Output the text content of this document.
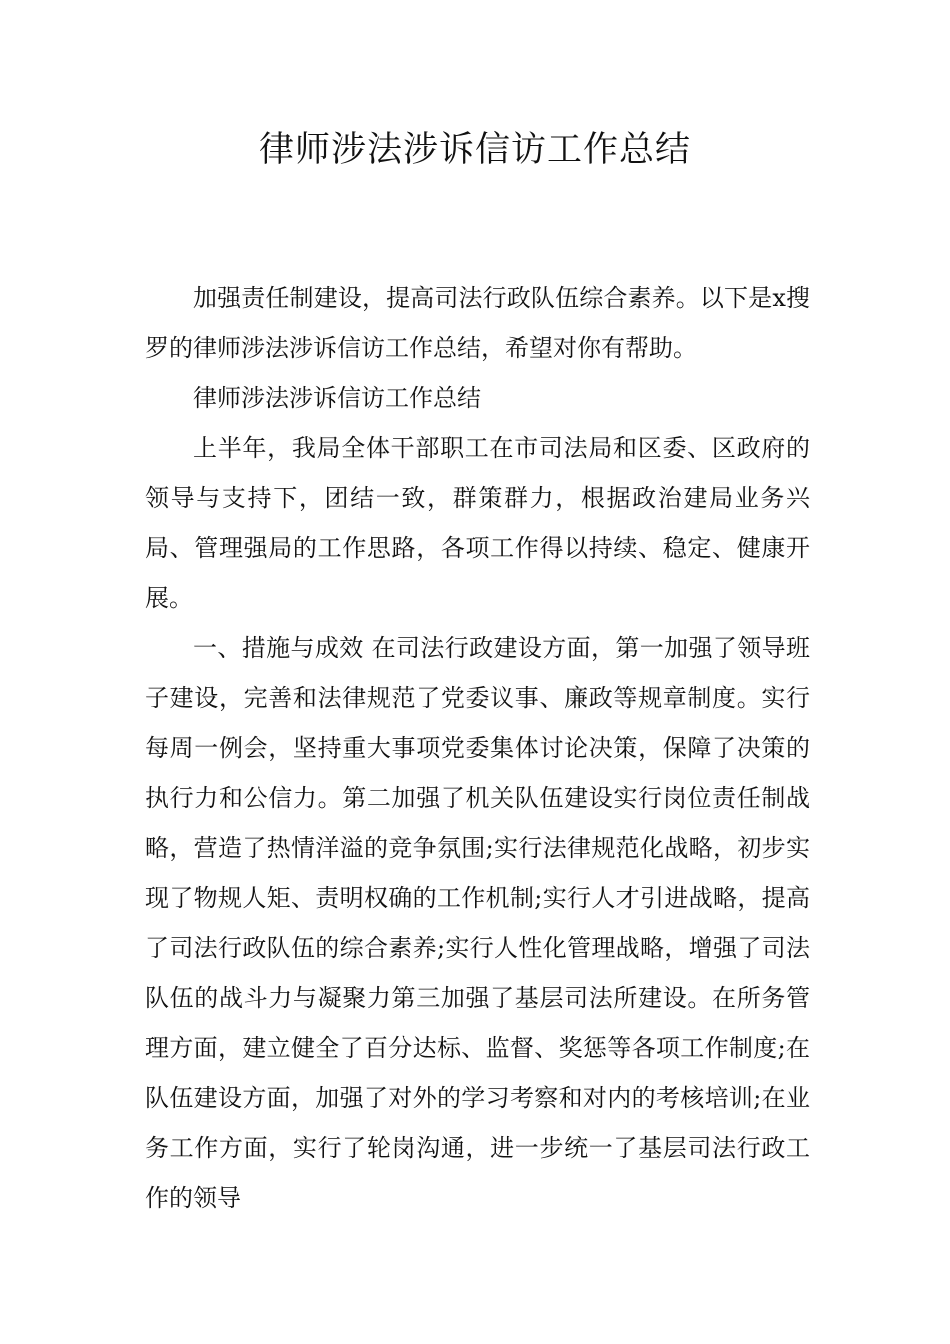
律师涉法涉诉信访工作总结

加强责任制建设，提高司法行政队伍综合素养。以下是x搜罗的律师涉法涉诉信访工作总结，希望对你有帮助。

律师涉法涉诉信访工作总结

上半年，我局全体干部职工在市司法局和区委、区政府的领导与支持下，团结一致，群策群力，根据政治建局业务兴局、管理强局的工作思路，各项工作得以持续、稳定、健康开展。

一、措施与成效 在司法行政建设方面，第一加强了领导班子建设，完善和法律规范了党委议事、廉政等规章制度。实行每周一例会，坚持重大事项党委集体讨论决策，保障了决策的执行力和公信力。第二加强了机关队伍建设实行岗位责任制战略，营造了热情洋溢的竞争氛围;实行法律规范化战略，初步实现了物规人矩、责明权确的工作机制;实行人才引进战略，提高了司法行政队伍的综合素养;实行人性化管理战略，增强了司法队伍的战斗力与凝聚力第三加强了基层司法所建设。在所务管理方面，建立健全了百分达标、监督、奖惩等各项工作制度;在队伍建设方面，加强了对外的学习考察和对内的考核培训;在业务工作方面，实行了轮岗沟通，进一步统一了基层司法行政工作的领导
